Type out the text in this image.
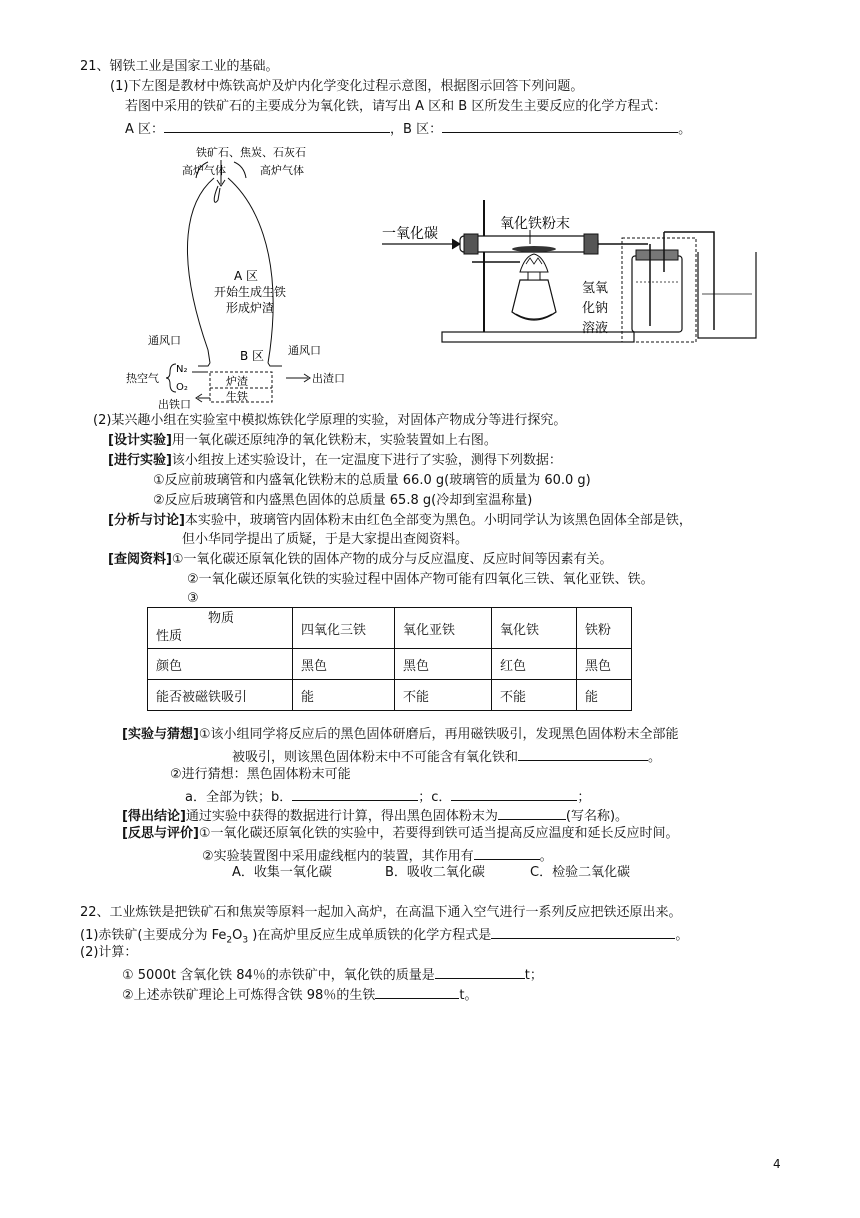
21、钢铁工业是国家工业的基础。
(1)下左图是教材中炼铁高炉及炉内化学变化过程示意图，根据图示回答下列问题。
若图中采用的铁矿石的主要成分为氧化铁，请写出 A 区和 B 区所发生主要反应的化学方程式：
A 区：	，B 区：	。
铁矿石、焦炭、石灰石
高炉气体	高炉气体
A 区
开始生成生铁
形成炉渣
B 区
通风口
通风口
热空气
N₂
O₂	炉渣
生铁
出渣口
出铁口
一氧化碳
氧化铁粉末
氢氧
化钠
溶液
(2)某兴趣小组在实验室中模拟炼铁化学原理的实验，对固体产物成分等进行探究。
[设计实验]用一氧化碳还原纯净的氧化铁粉末，实验装置如上右图。
[进行实验]该小组按上述实验设计，在一定温度下进行了实验，测得下列数据：
①反应前玻璃管和内盛氧化铁粉末的总质量 66.0 g(玻璃管的质量为 60.0 g)
②反应后玻璃管和内盛黑色固体的总质量 65.8 g(冷却到室温称量)
[分析与讨论]本实验中，玻璃管内固体粉末由红色全部变为黑色。小明同学认为该黑色固体全部是铁，
但小华同学提出了质疑，于是大家提出查阅资料。
[查阅资料]①一氧化碳还原氧化铁的固体产物的成分与反应温度、反应时间等因素有关。
②一氧化碳还原氧化铁的实验过程中固体产物可能有四氧化三铁、氧化亚铁、铁。
③
物质
性质	四氧化三铁	氧化亚铁	氧化铁	铁粉
颜色	黑色	黑色	红色	黑色
能否被磁铁吸引	能	不能	不能	能
[实验与猜想]①该小组同学将反应后的黑色固体研磨后，再用磁铁吸引，发现黑色固体粉末全部能
被吸引，则该黑色固体粉末中不可能含有氧化铁和	。
②进行猜想：黑色固体粉末可能
a．全部为铁；b．	；c．	；
[得出结论]通过实验中获得的数据进行计算，得出黑色固体粉末为	(写名称)。
[反思与评价]①一氧化碳还原氧化铁的实验中，若要得到铁可适当提高反应温度和延长反应时间。
②实验装置图中采用虚线框内的装置，其作用有	。
A．收集一氧化碳	B．吸收二氧化碳	C．检验二氧化碳
22、工业炼铁是把铁矿石和焦炭等原料一起加入高炉，在高温下通入空气进行一系列反应把铁还原出来。
(1)赤铁矿(主要成分为 $Fe_2O_3$ )在高炉里反应生成单质铁的化学方程式是	。
(2)计算：
① 5000t 含氧化铁 84％的赤铁矿中，氧化铁的质量是	t；
②上述赤铁矿理论上可炼得含铁 98％的生铁	t。
4
